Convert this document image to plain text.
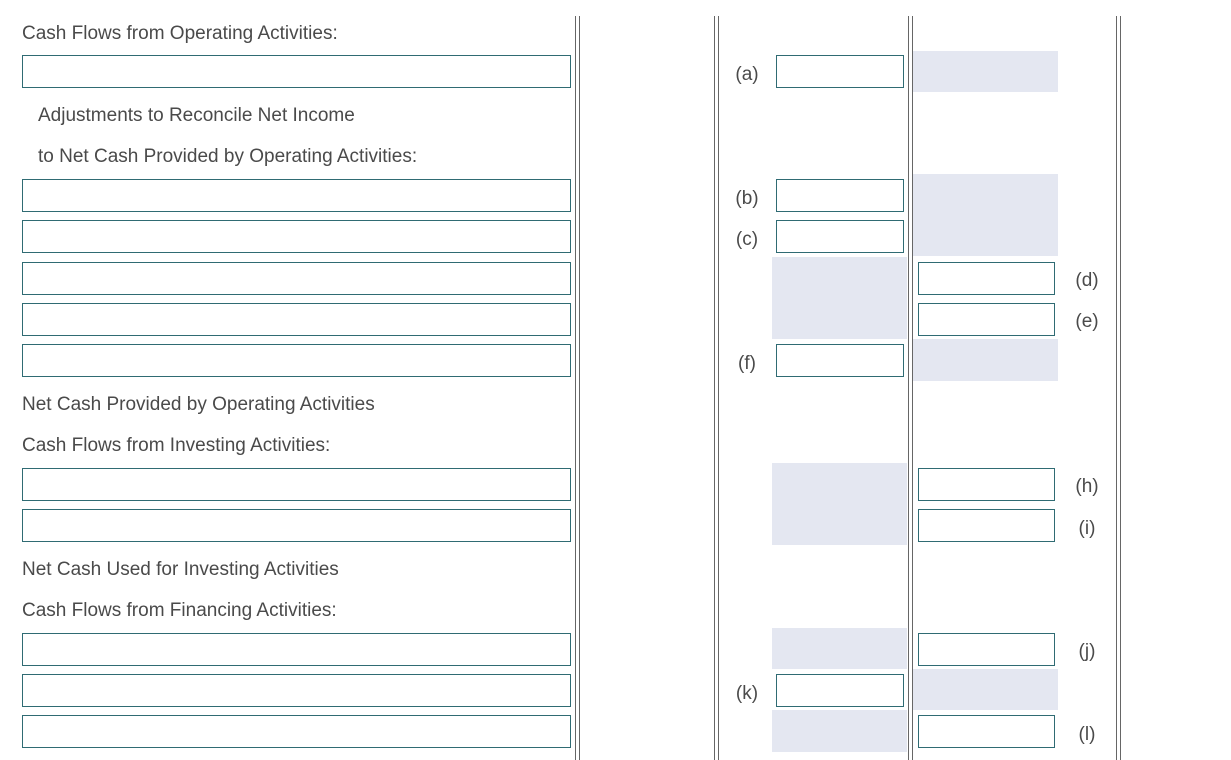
Cash Flows from Operating Activities:
(a)
Adjustments to Reconcile Net Income
to Net Cash Provided by Operating Activities:
(b)
(c)
(d)
(e)
(f)
Net Cash Provided by Operating Activities
Cash Flows from Investing Activities:
(h)
(i)
Net Cash Used for Investing Activities
Cash Flows from Financing Activities:
(j)
(k)
(l)
